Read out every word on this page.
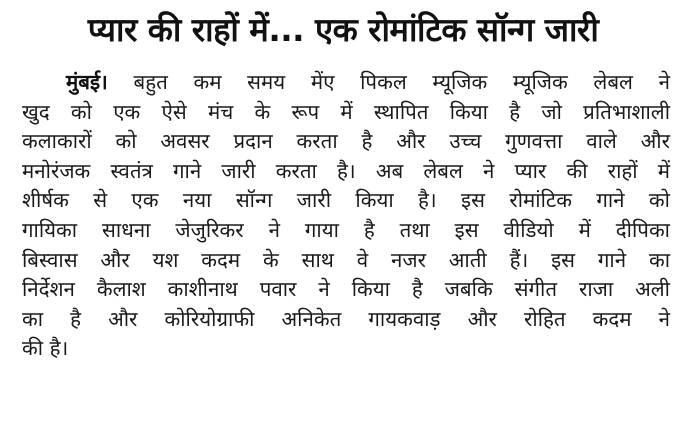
प्यार की राहों में... एक रोमांटिक सॉन्ग जारी
मुंबई। बहुत कम समय मेंए पिकल म्यूजिक म्यूजिक लेबल ने
खुद को एक ऐसे मंच के रूप में स्थापित किया है जो प्रतिभाशाली
कलाकारों को अवसर प्रदान करता है और उच्च गुणवत्ता वाले और
मनोरंजक स्वतंत्र गाने जारी करता है। अब लेबल ने प्यार की राहों में
शीर्षक से एक नया सॉन्ग जारी किया है। इस रोमांटिक गाने को
गायिका साधना जेजुरिकर ने गाया है तथा इस वीडियो में दीपिका
बिस्वास और यश कदम के साथ वे नजर आती हैं। इस गाने का
निर्देशन कैलाश काशीनाथ पवार ने किया है जबकि संगीत राजा अली
का है और कोरियोग्राफी अनिकेत गायकवाड़ और रोहित कदम ने
की है।
